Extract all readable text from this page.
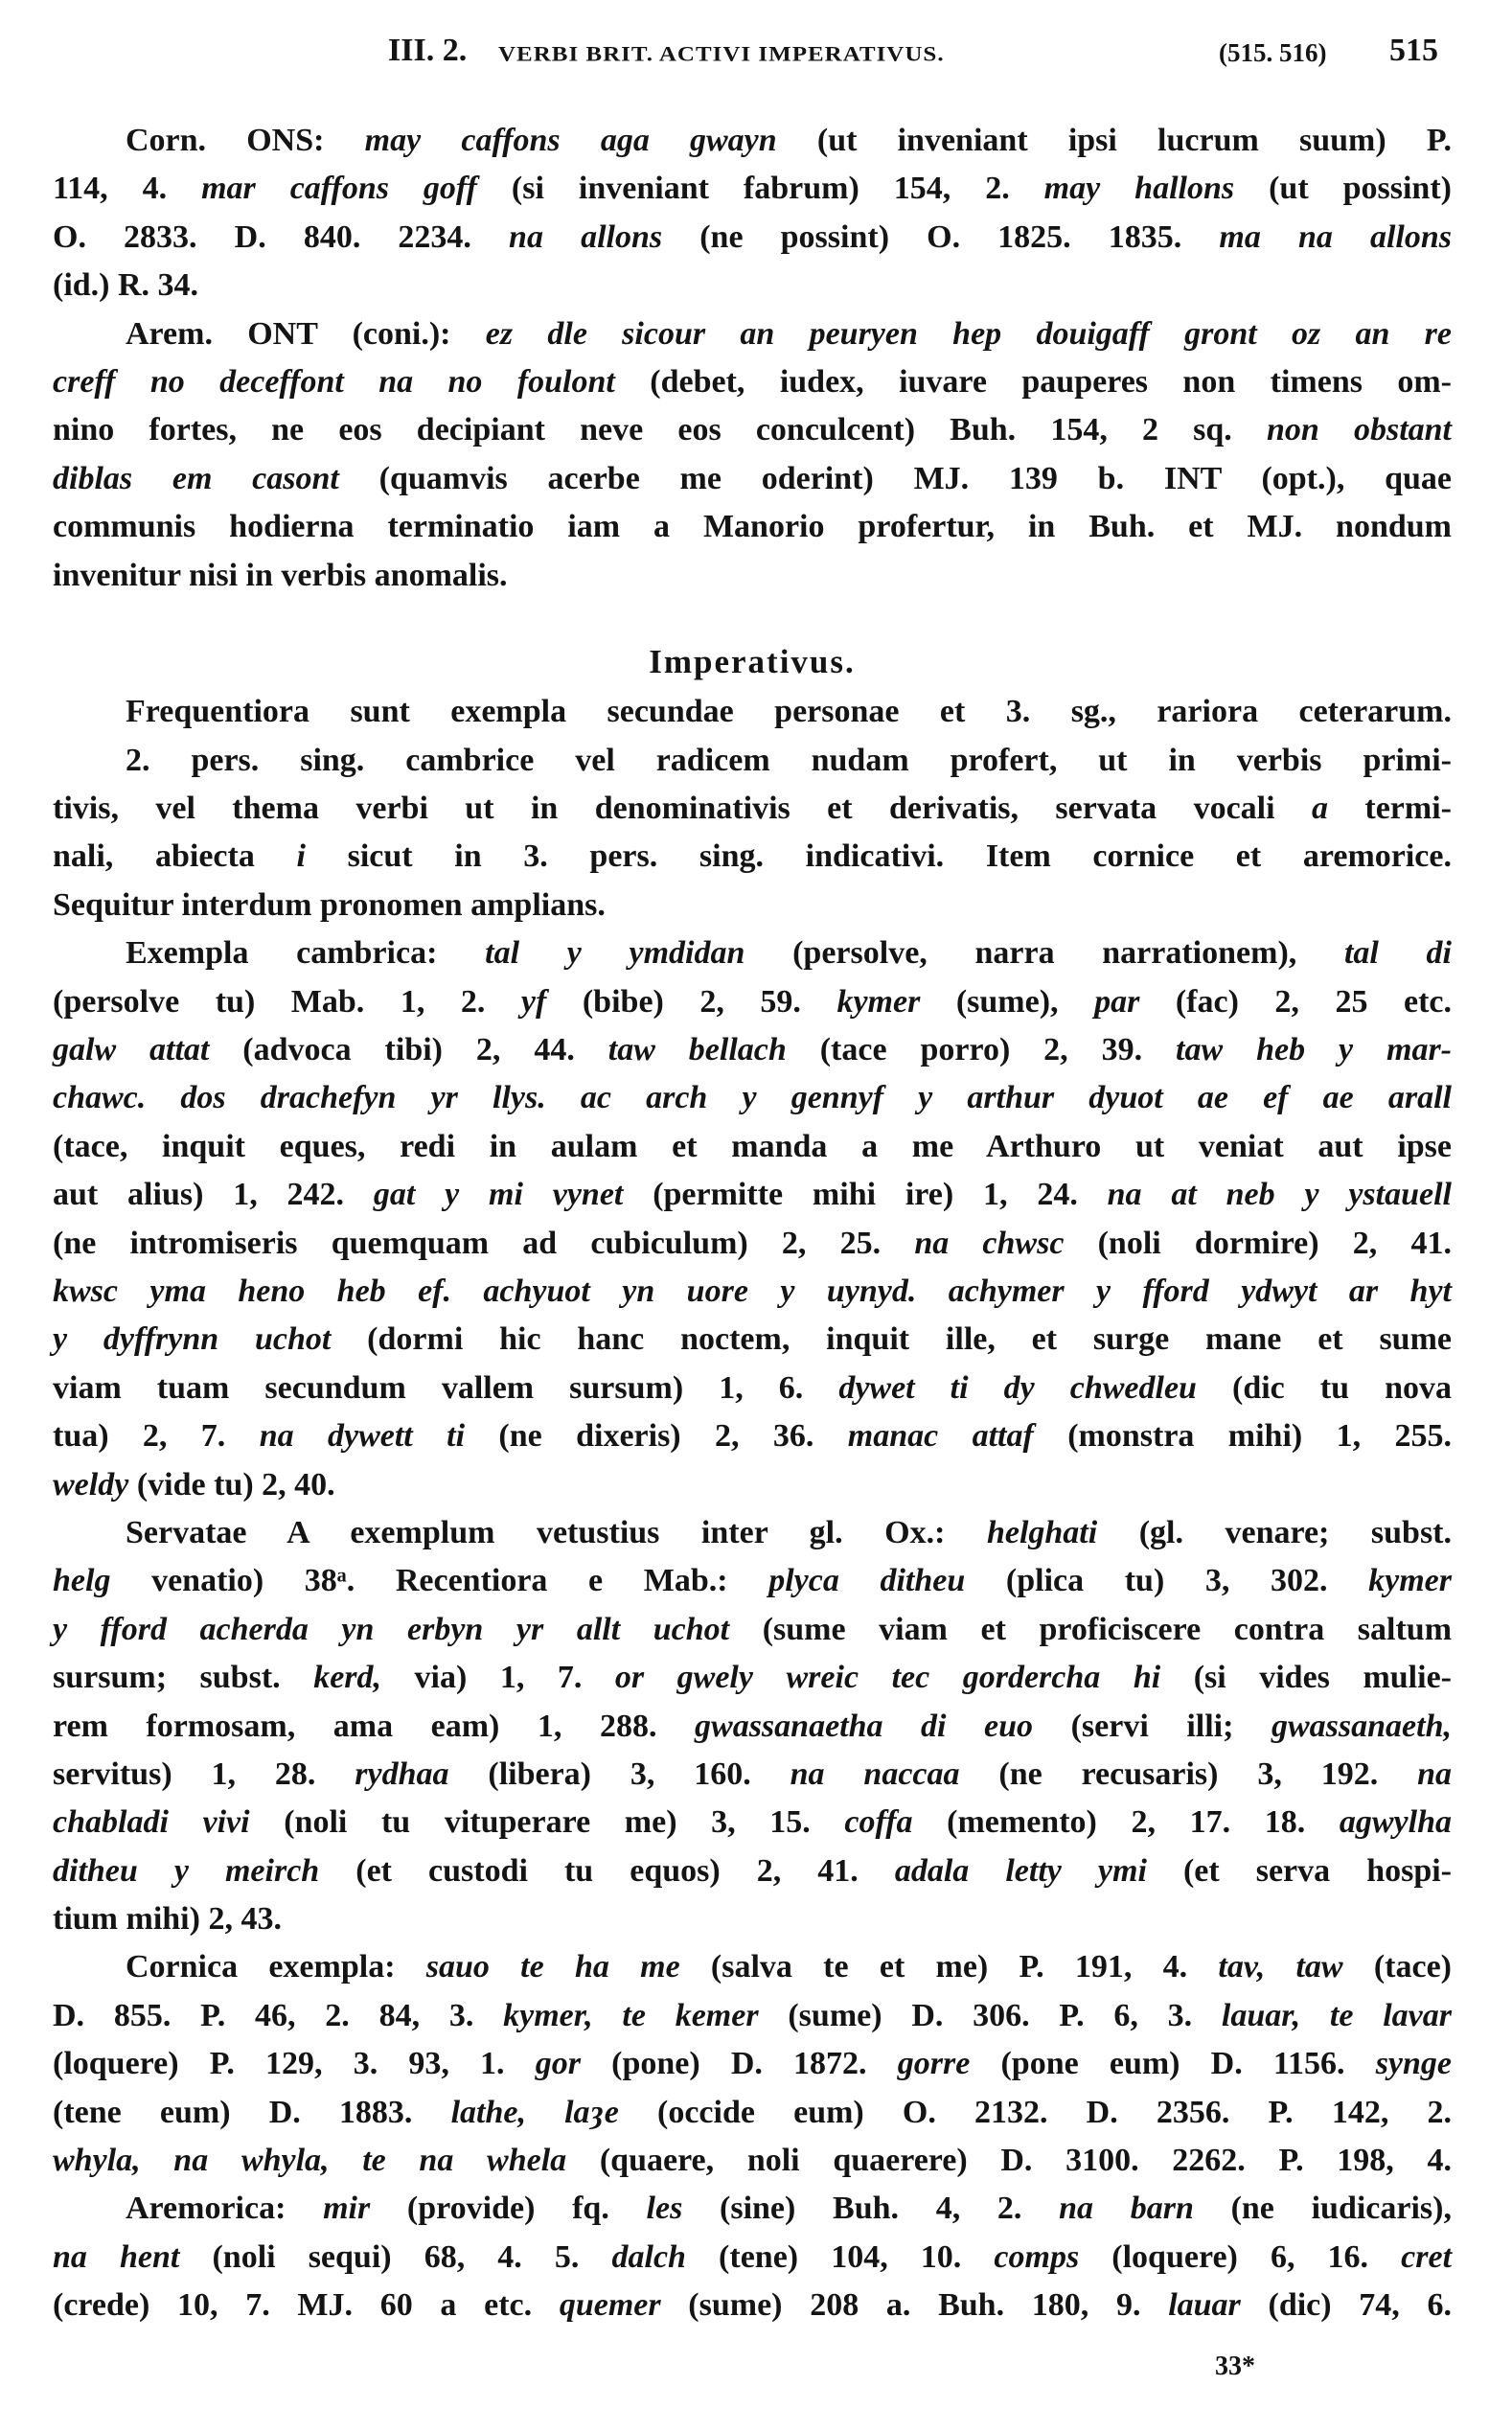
III. 2. VERBI BRIT. ACTIVI IMPERATIVUS.	(515. 516) 515
Corn. ONS: may caffons aga gwayn (ut inveniant ipsi lucrum suum) P.
114, 4. mar caffons goff (si inveniant fabrum) 154, 2. may hallons (ut possint)
O. 2833. D. 840. 2234. na allons (ne possint) O. 1825. 1835. ma na allons
(id.) R. 34.
Arem. ONT (coni.): ez dle sicour an peuryen hep douigaff gront oz an re
creff no deceffont na no foulont (debet, iudex, iuvare pauperes non timens om-
nino fortes, ne eos decipiant neve eos conculcent) Buh. 154, 2 sq. non obstant
diblas em casont (quamvis acerbe me oderint) MJ. 139 b. INT (opt.), quae
communis hodierna terminatio iam a Manorio profertur, in Buh. et MJ. nondum
invenitur nisi in verbis anomalis.
Imperativus.
Frequentiora sunt exempla secundae personae et 3. sg., rariora ceterarum.
2. pers. sing. cambrice vel radicem nudam profert, ut in verbis primi-
tivis, vel thema verbi ut in denominativis et derivatis, servata vocali a termi-
nali, abiecta i sicut in 3. pers. sing. indicativi. Item cornice et aremorice.
Sequitur interdum pronomen amplians.
Exempla cambrica: tal y ymdidan (persolve, narra narrationem), tal di
(persolve tu) Mab. 1, 2. yf (bibe) 2, 59. kymer (sume), par (fac) 2, 25 etc.
galw attat (advoca tibi) 2, 44. taw bellach (tace porro) 2, 39. taw heb y mar-
chawc. dos drachefyn yr llys. ac arch y gennyf y arthur dyuot ae ef ae arall
(tace, inquit eques, redi in aulam et manda a me Arthuro ut veniat aut ipse
aut alius) 1, 242. gat y mi vynet (permitte mihi ire) 1, 24. na at neb y ystauell
(ne intromiseris quemquam ad cubiculum) 2, 25. na chwsc (noli dormire) 2, 41.
kwsc yma heno heb ef. achyuot yn uore y uynyd. achymer y fford ydwyt ar hyt
y dyffrynn uchot (dormi hic hanc noctem, inquit ille, et surge mane et sume
viam tuam secundum vallem sursum) 1, 6. dywet ti dy chwedleu (dic tu nova
tua) 2, 7. na dywett ti (ne dixeris) 2, 36. manac attaf (monstra mihi) 1, 255.
weldy (vide tu) 2, 40.
Servatae A exemplum vetustius inter gl. Ox.: helghati (gl. venare; subst.
helg venatio) 38ᵃ. Recentiora e Mab.: plyca ditheu (plica tu) 3, 302. kymer
y fford acherda yn erbyn yr allt uchot (sume viam et proficiscere contra saltum
sursum; subst. kerd, via) 1, 7. or gwely wreic tec gordercha hi (si vides mulie-
rem formosam, ama eam) 1, 288. gwassanaetha di euo (servi illi; gwassanaeth,
servitus) 1, 28. rydhaa (libera) 3, 160. na naccaa (ne recusaris) 3, 192. na
chabladi vivi (noli tu vituperare me) 3, 15. coffa (memento) 2, 17. 18. agwylha
ditheu y meirch (et custodi tu equos) 2, 41. adala letty ymi (et serva hospi-
tium mihi) 2, 43.
Cornica exempla: sauo te ha me (salva te et me) P. 191, 4. tav, taw (tace)
D. 855. P. 46, 2. 84, 3. kymer, te kemer (sume) D. 306. P. 6, 3. lauar, te lavar
(loquere) P. 129, 3. 93, 1. gor (pone) D. 1872. gorre (pone eum) D. 1156. synge
(tene eum) D. 1883. lathe, laȝe (occide eum) O. 2132. D. 2356. P. 142, 2.
whyla, na whyla, te na whela (quaere, noli quaerere) D. 3100. 2262. P. 198, 4.
Aremorica: mir (provide) fq. les (sine) Buh. 4, 2. na barn (ne iudicaris),
na hent (noli sequi) 68, 4. 5. dalch (tene) 104, 10. comps (loquere) 6, 16. cret
(crede) 10, 7. MJ. 60 a etc. quemer (sume) 208 a. Buh. 180, 9. lauar (dic) 74, 6.
33*
